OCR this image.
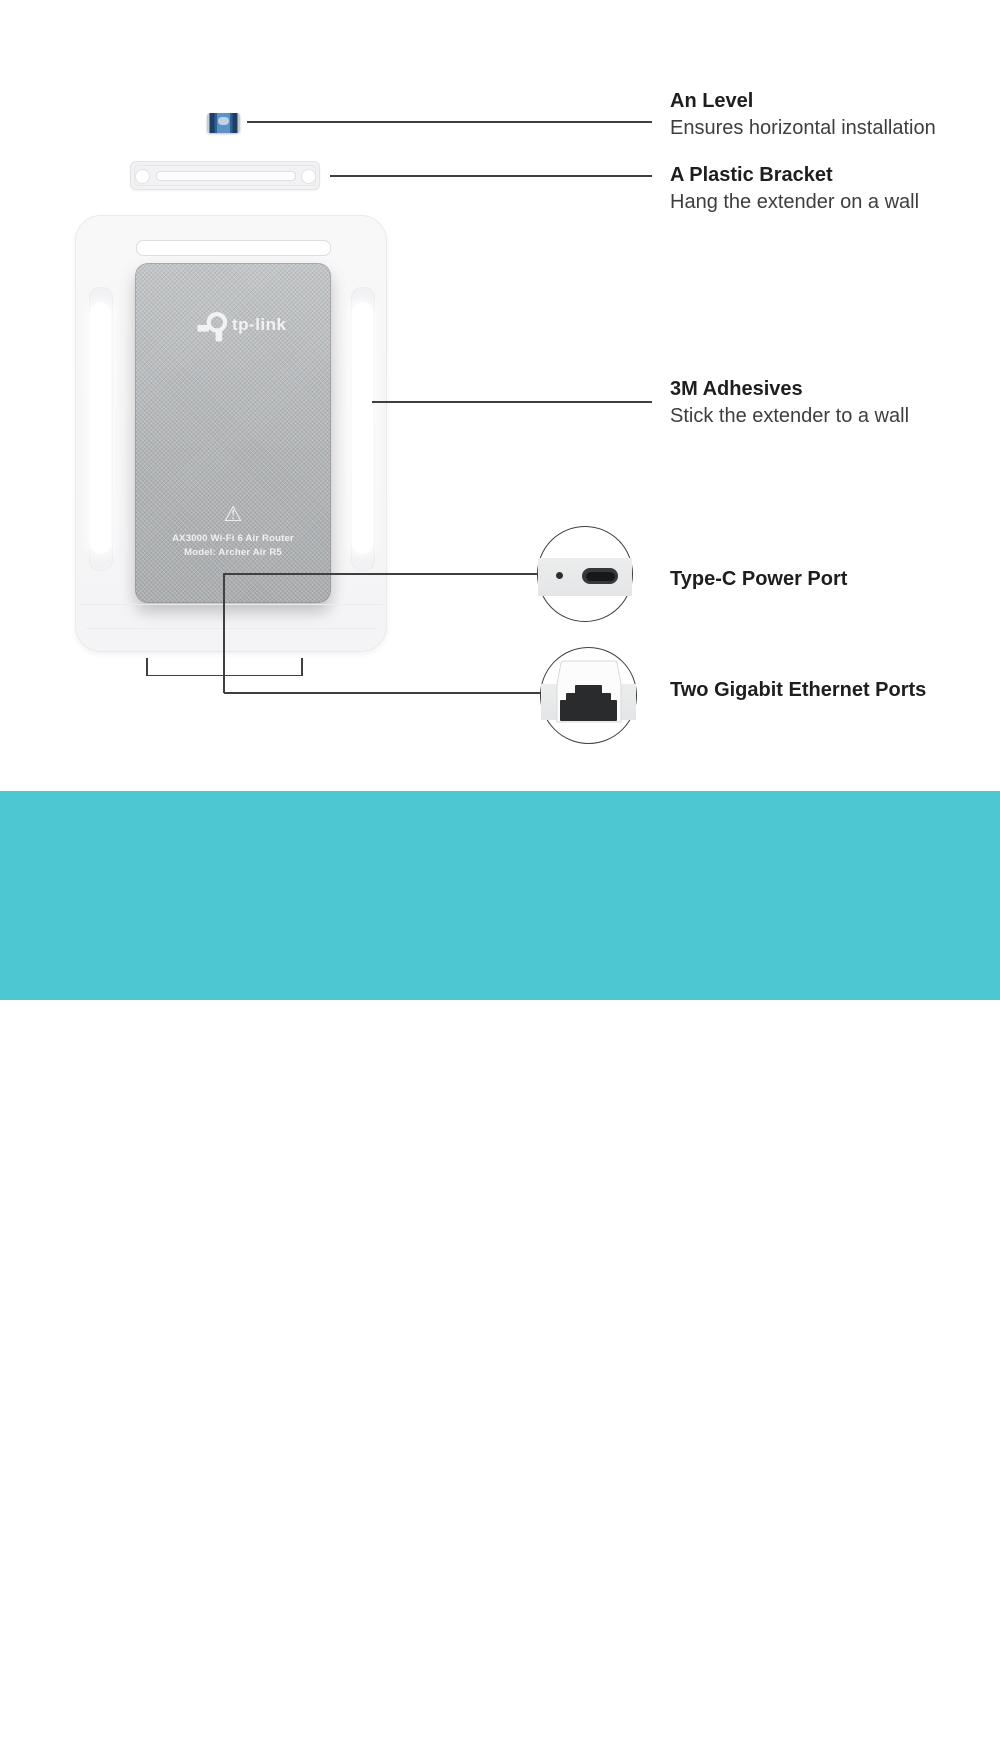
tp-link
⚠
AX3000 Wi-Fi 6 Air Router
Model: Archer Air R5
An Level
Ensures horizontal installation
A Plastic Bracket
Hang the extender on a wall
3M Adhesives
Stick the extender to a wall
Type-C Power Port
Two Gigabit Ethernet Ports
Multiple
Wall-Mounting Options
tp-link
